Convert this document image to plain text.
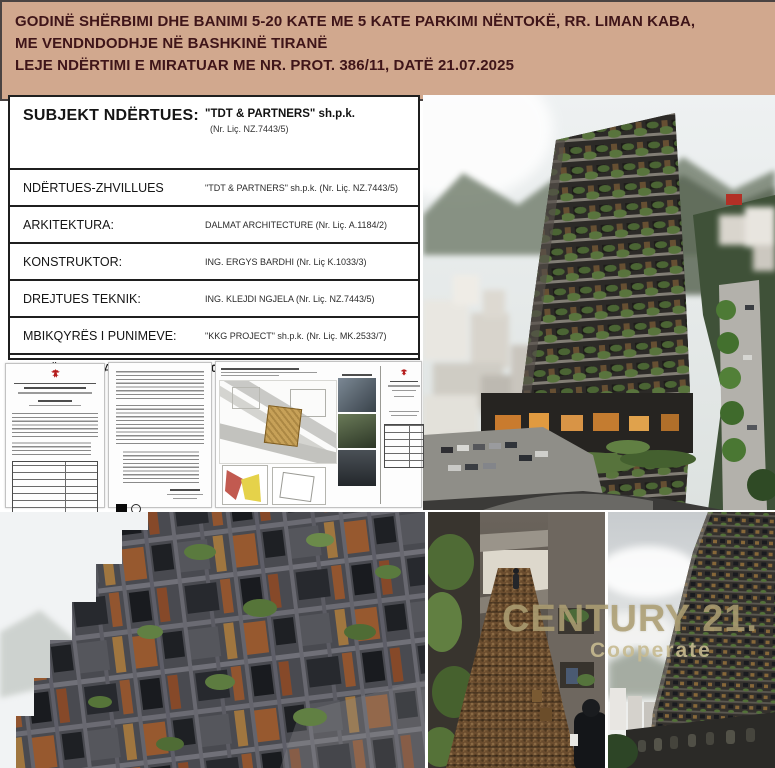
GODINË SHËRBIMI DHE BANIMI 5-20 KATE ME 5 KATE PARKIMI NËNTOKË, RR. LIMAN KABA,
ME VENDNDODHJE NË BASHKINË TIRANË
LEJE NDËRTIMI E MIRATUAR ME NR. PROT. 386/11, DATË 21.07.2025
SUBJEKT NDËRTUES: "TDT & PARTNERS" sh.p.k.
(Nr. Liç. NZ.7443/5)
NDËRTUES-ZHVILLUES	"TDT & PARTNERS" sh.p.k. (Nr. Liç. NZ.7443/5)
ARKITEKTURA:	DALMAT ARCHITECTURE (Nr. Liç. A.1184/2)
KONSTRUKTOR:	ING. ERGYS BARDHI (Nr. Liç K.1033/3)
DREJTUES TEKNIK:	ING. KLEJDI NGJELA (Nr. Liç. NZ.7443/5)
MBIKQYRËS I PUNIMEVE:	"KKG PROJECT" sh.p.k. (Nr. Liç. MK.2533/7)
CENTURY 21.
Cooperate
